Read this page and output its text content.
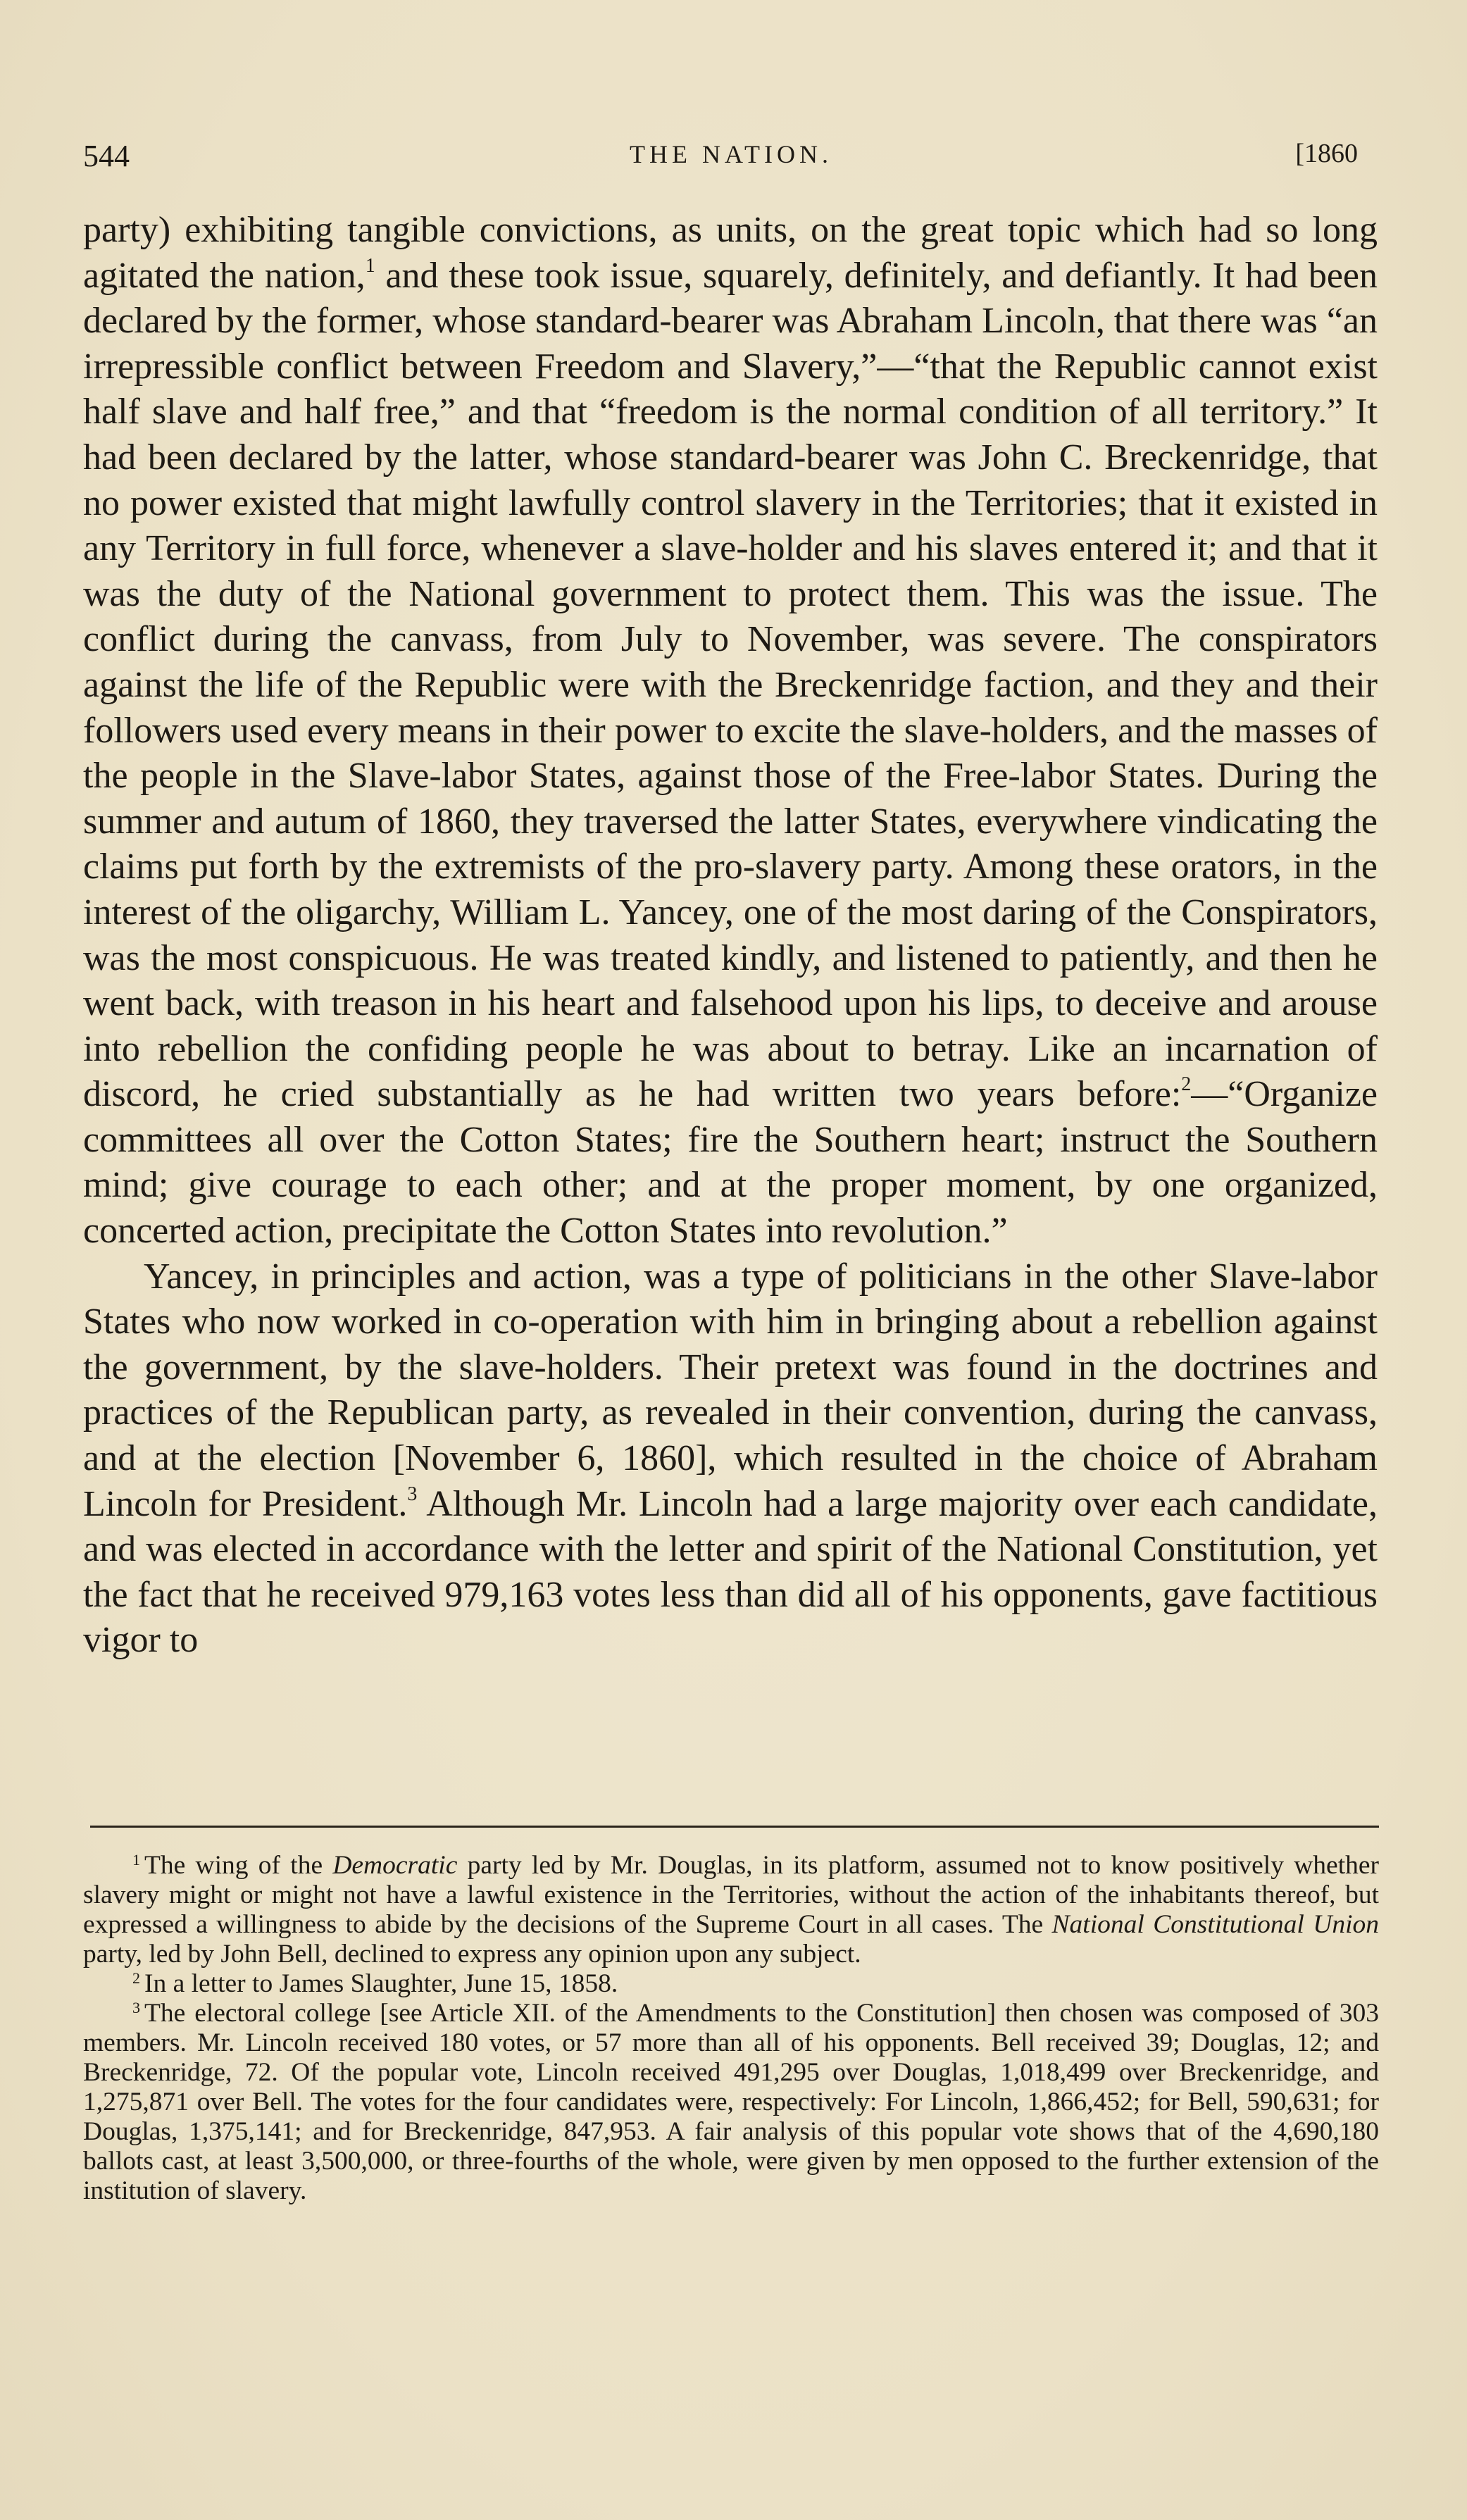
544	THE NATION.	[1860

party) exhibiting tangible convictions, as units, on the great topic which had so long agitated the nation,$^1$ and these took issue, squarely, definitely, and defiantly. It had been declared by the former, whose standard-bearer was Abraham Lincoln, that there was “an irrepressible conflict between Freedom and Slavery,”—“that the Republic cannot exist half slave and half free,” and that “freedom is the normal condition of all territory.” It had been declared by the latter, whose standard-bearer was John C. Breckenridge, that no power existed that might lawfully control slavery in the Territories; that it existed in any Territory in full force, whenever a slave-holder and his slaves entered it; and that it was the duty of the National government to protect them. This was the issue. The conflict during the canvass, from July to November, was severe. The conspirators against the life of the Republic were with the Breckenridge faction, and they and their followers used every means in their power to excite the slave-holders, and the masses of the people in the Slave-labor States, against those of the Free-labor States. During the summer and autum of 1860, they traversed the latter States, everywhere vindicating the claims put forth by the extremists of the pro-slavery party. Among these orators, in the interest of the oligarchy, William L. Yancey, one of the most daring of the Conspirators, was the most conspicuous. He was treated kindly, and listened to patiently, and then he went back, with treason in his heart and falsehood upon his lips, to deceive and arouse into rebellion the confiding people he was about to betray. Like an incarnation of discord, he cried substantially as he had written two years before:$^2$—“Organize committees all over the Cotton States; fire the Southern heart; instruct the Southern mind; give courage to each other; and at the proper moment, by one organized, concerted action, precipitate the Cotton States into revolution.”

Yancey, in principles and action, was a type of politicians in the other Slave-labor States who now worked in co-operation with him in bringing about a rebellion against the government, by the slave-holders. Their pretext was found in the doctrines and practices of the Republican party, as revealed in their convention, during the canvass, and at the election [November 6, 1860], which resulted in the choice of Abraham Lincoln for President.$^3$ Although Mr. Lincoln had a large majority over each candidate, and was elected in accordance with the letter and spirit of the National Constitution, yet the fact that he received 979,163 votes less than did all of his opponents, gave factitious vigor to

$^1$ The wing of the Democratic party led by Mr. Douglas, in its platform, assumed not to know positively whether slavery might or might not have a lawful existence in the Territories, without the action of the inhabitants thereof, but expressed a willingness to abide by the decisions of the Supreme Court in all cases. The National Constitutional Union party, led by John Bell, declined to express any opinion upon any subject.

$^2$ In a letter to James Slaughter, June 15, 1858.

$^3$ The electoral college [see Article XII. of the Amendments to the Constitution] then chosen was composed of 303 members. Mr. Lincoln received 180 votes, or 57 more than all of his opponents. Bell received 39; Douglas, 12; and Breckenridge, 72. Of the popular vote, Lincoln received 491,295 over Douglas, 1,018,499 over Breckenridge, and 1,275,871 over Bell. The votes for the four candidates were, respectively: For Lincoln, 1,866,452; for Bell, 590,631; for Douglas, 1,375,141; and for Breckenridge, 847,953. A fair analysis of this popular vote shows that of the 4,690,180 ballots cast, at least 3,500,000, or three-fourths of the whole, were given by men opposed to the further extension of the institution of slavery.
